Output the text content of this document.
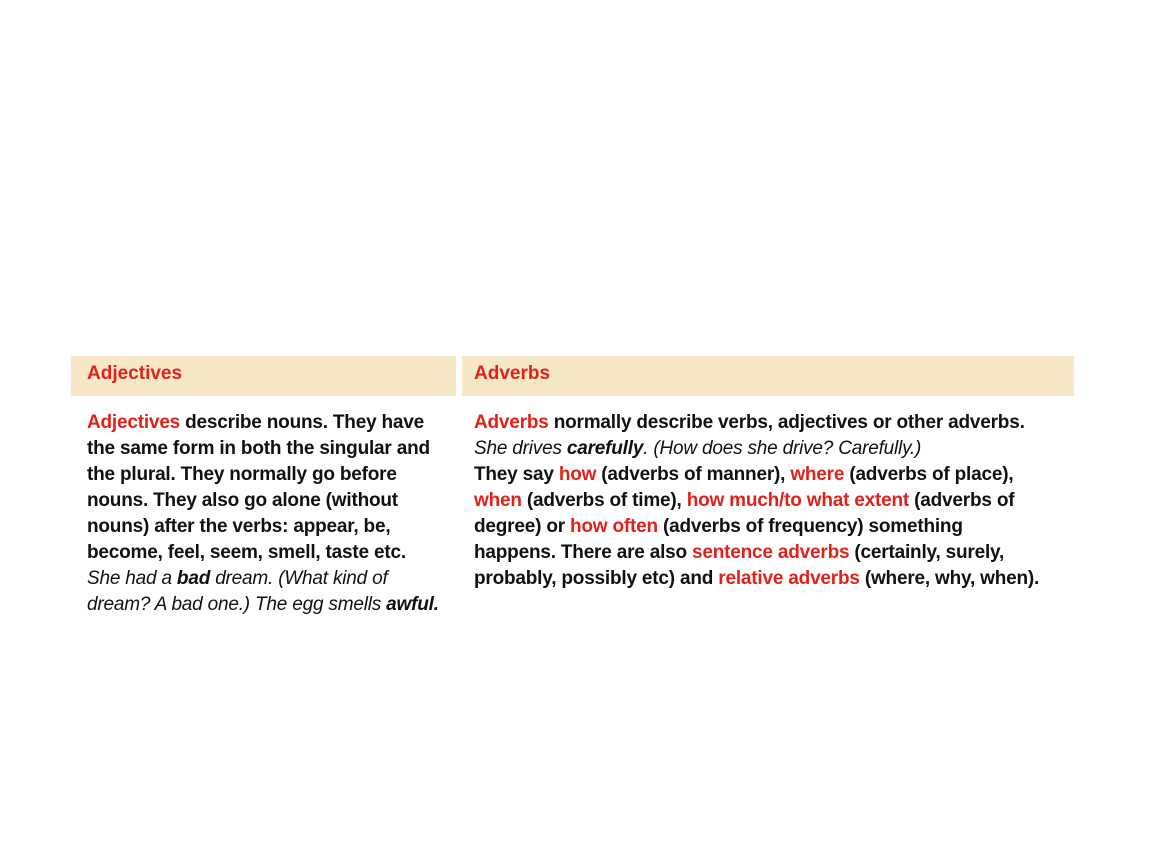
Adjectives	Adverbs
Adjectives describe nouns. They have
the same form in both the singular and
the plural. They normally go before
nouns. They also go alone (without
nouns) after the verbs: appear, be,
become, feel, seem, smell, taste etc.
She had a bad dream. (What kind of
dream? A bad one.) The egg smells awful.
Adverbs normally describe verbs, adjectives or other adverbs.
She drives carefully. (How does she drive? Carefully.)
They say how (adverbs of manner), where (adverbs of place),
when (adverbs of time), how much/to what extent (adverbs of
degree) or how often (adverbs of frequency) something
happens. There are also sentence adverbs (certainly, surely,
probably, possibly etc) and relative adverbs (where, why, when).
